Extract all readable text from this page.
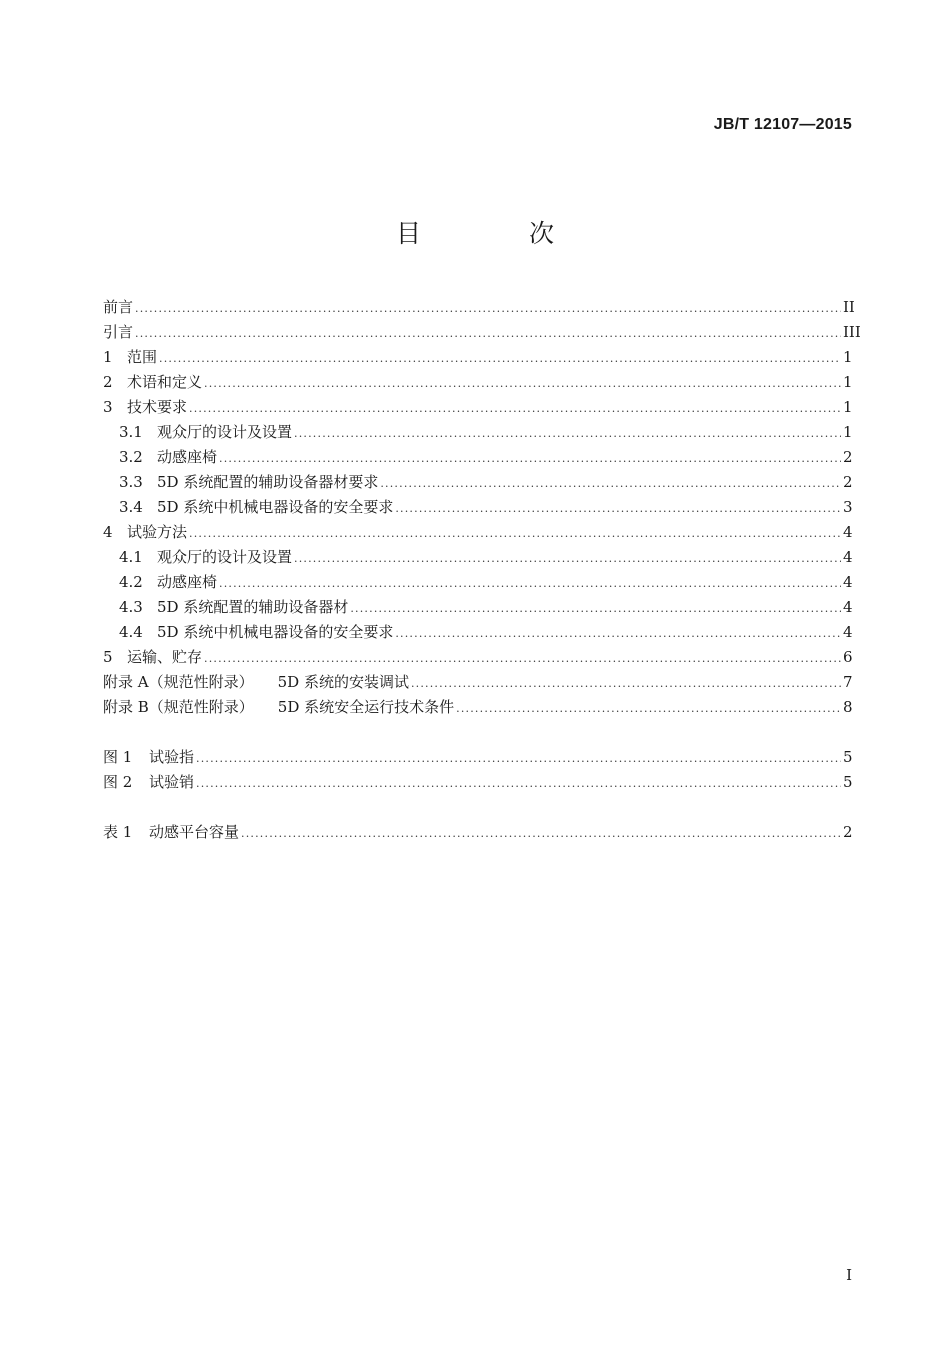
JB/T 12107—2015
目 次
前言 .....	II
引言 .....	III
1 范围 .....	1
2 术语和定义 .....	1
3 技术要求 .....	1
3.1 观众厅的设计及设置 .....	1
3.2 动感座椅 .....	2
3.3 5D 系统配置的辅助设备器材要求 .....	2
3.4 5D 系统中机械电器设备的安全要求 .....	3
4 试验方法 .....	4
4.1 观众厅的设计及设置 .....	4
4.2 动感座椅 .....	4
4.3 5D 系统配置的辅助设备器材 .....	4
4.4 5D 系统中机械电器设备的安全要求 .....	4
5 运输、贮存 .....	6
附录 A（规范性附录） 5D 系统的安装调试 .....	7
附录 B（规范性附录） 5D 系统安全运行技术条件 .....	8
图 1	试验指 .....	5
图 2	试验销 .....	5
表 1	动感平台容量 .....	2
I
